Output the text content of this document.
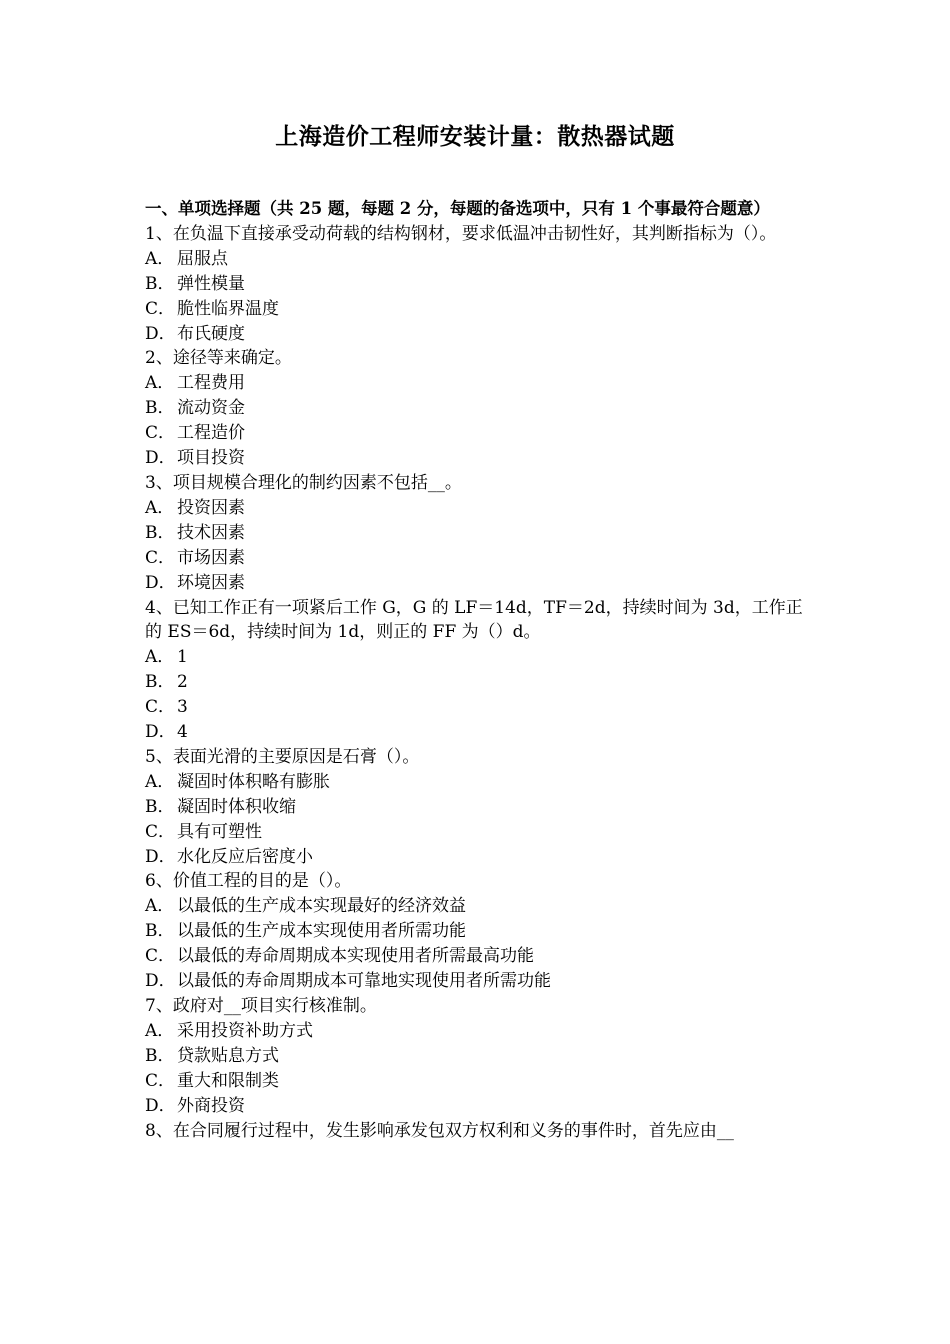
上海造价工程师安装计量：散热器试题

一、单项选择题（共 25 题，每题 2 分，每题的备选项中，只有 1 个事最符合题意）

1、在负温下直接承受动荷载的结构钢材，要求低温冲击韧性好，其判断指标为（）。

A． 屈服点

B． 弹性模量

C． 脆性临界温度

D．布氏硬度

2、途径等来确定。

A． 工程费用

B． 流动资金

C． 工程造价

D．项目投资

3、项目规模合理化的制约因素不包括__。

A． 投资因素

B． 技术因素

C． 市场因素

D．环境因素

4、已知工作正有一项紧后工作 G，G 的 LF＝14d，TF＝2d，持续时间为 3d，工作正的 ES＝6d，持续时间为 1d，则正的 FF 为（）d。

A． 1

B． 2

C． 3

D．4

5、表面光滑的主要原因是石膏（）。

A． 凝固时体积略有膨胀

B． 凝固时体积收缩

C． 具有可塑性

D．水化反应后密度小

6、价值工程的目的是（）。

A． 以最低的生产成本实现最好的经济效益

B． 以最低的生产成本实现使用者所需功能

C． 以最低的寿命周期成本实现使用者所需最高功能

D．以最低的寿命周期成本可靠地实现使用者所需功能

7、政府对__项目实行核准制。

A． 采用投资补助方式

B． 贷款贴息方式

C． 重大和限制类

D．外商投资

8、在合同履行过程中，发生影响承发包双方权利和义务的事件时，首先应由__
